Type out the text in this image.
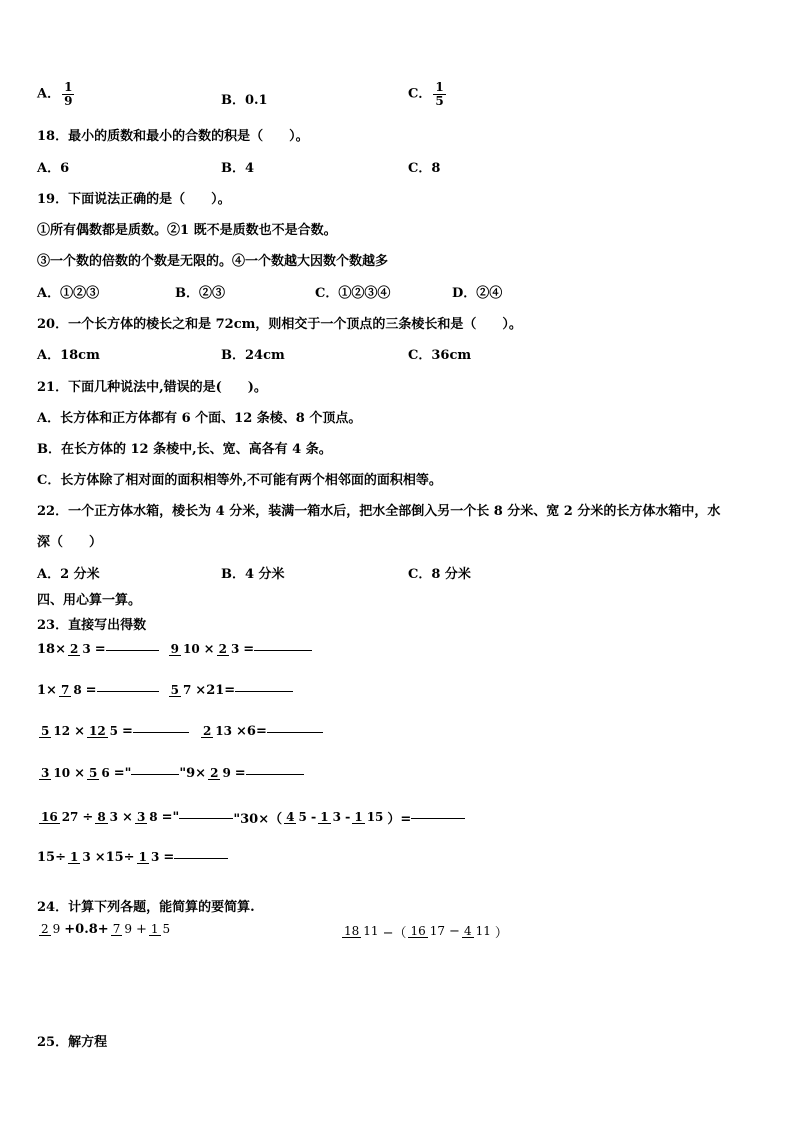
A． $\frac{1}{9}$	B．0.1	C． $\frac{1}{5}$
18．最小的质数和最小的合数的积是（　　）。
A．6	B．4	C．8
19．下面说法正确的是（　　）。
①所有偶数都是质数。②1 既不是质数也不是合数。
③一个数的倍数的个数是无限的。④一个数越大因数个数越多
A．①②③	B．②③	C．①②③④	D．②④
20．一个长方体的棱长之和是 72cm，则相交于一个顶点的三条棱长和是（　　）。
A．18cm	B．24cm	C．36cm
21．下面几种说法中,错误的是(　　)。
A．长方体和正方体都有 6 个面、12 条棱、8 个顶点。
B．在长方体的 12 条棱中,长、宽、高各有 4 条。
C．长方体除了相对面的面积相等外,不可能有两个相邻面的面积相等。
22．一个正方体水箱，棱长为 4 分米，装满一箱水后，把水全部倒入另一个长 8 分米、宽 2 分米的长方体水箱中，水
深（　　）
A．2 分米	B．4 分米	C．8 分米
四、用心算一算。
23．直接写出得数
18× 2 3 =	9 10 × 2 3 =
1× 7 8 =	5 7 ×21=
5 12 × 12 5 =	2 13 ×6=
3 10 × 5 6 ="	"9× 2 9 =
16 27 ÷ 8 3 × 3 8 ="	"30×（ 4 5 - 1 3 - 1 15 ）=
15÷ 1 3 ×15÷ 1 3 =
24．计算下列各题，能简算的要简算.
2 9 +0.8+ 7 9 + 1 5	18 11 −（ 16 17 − 4 11 ）
25．解方程
